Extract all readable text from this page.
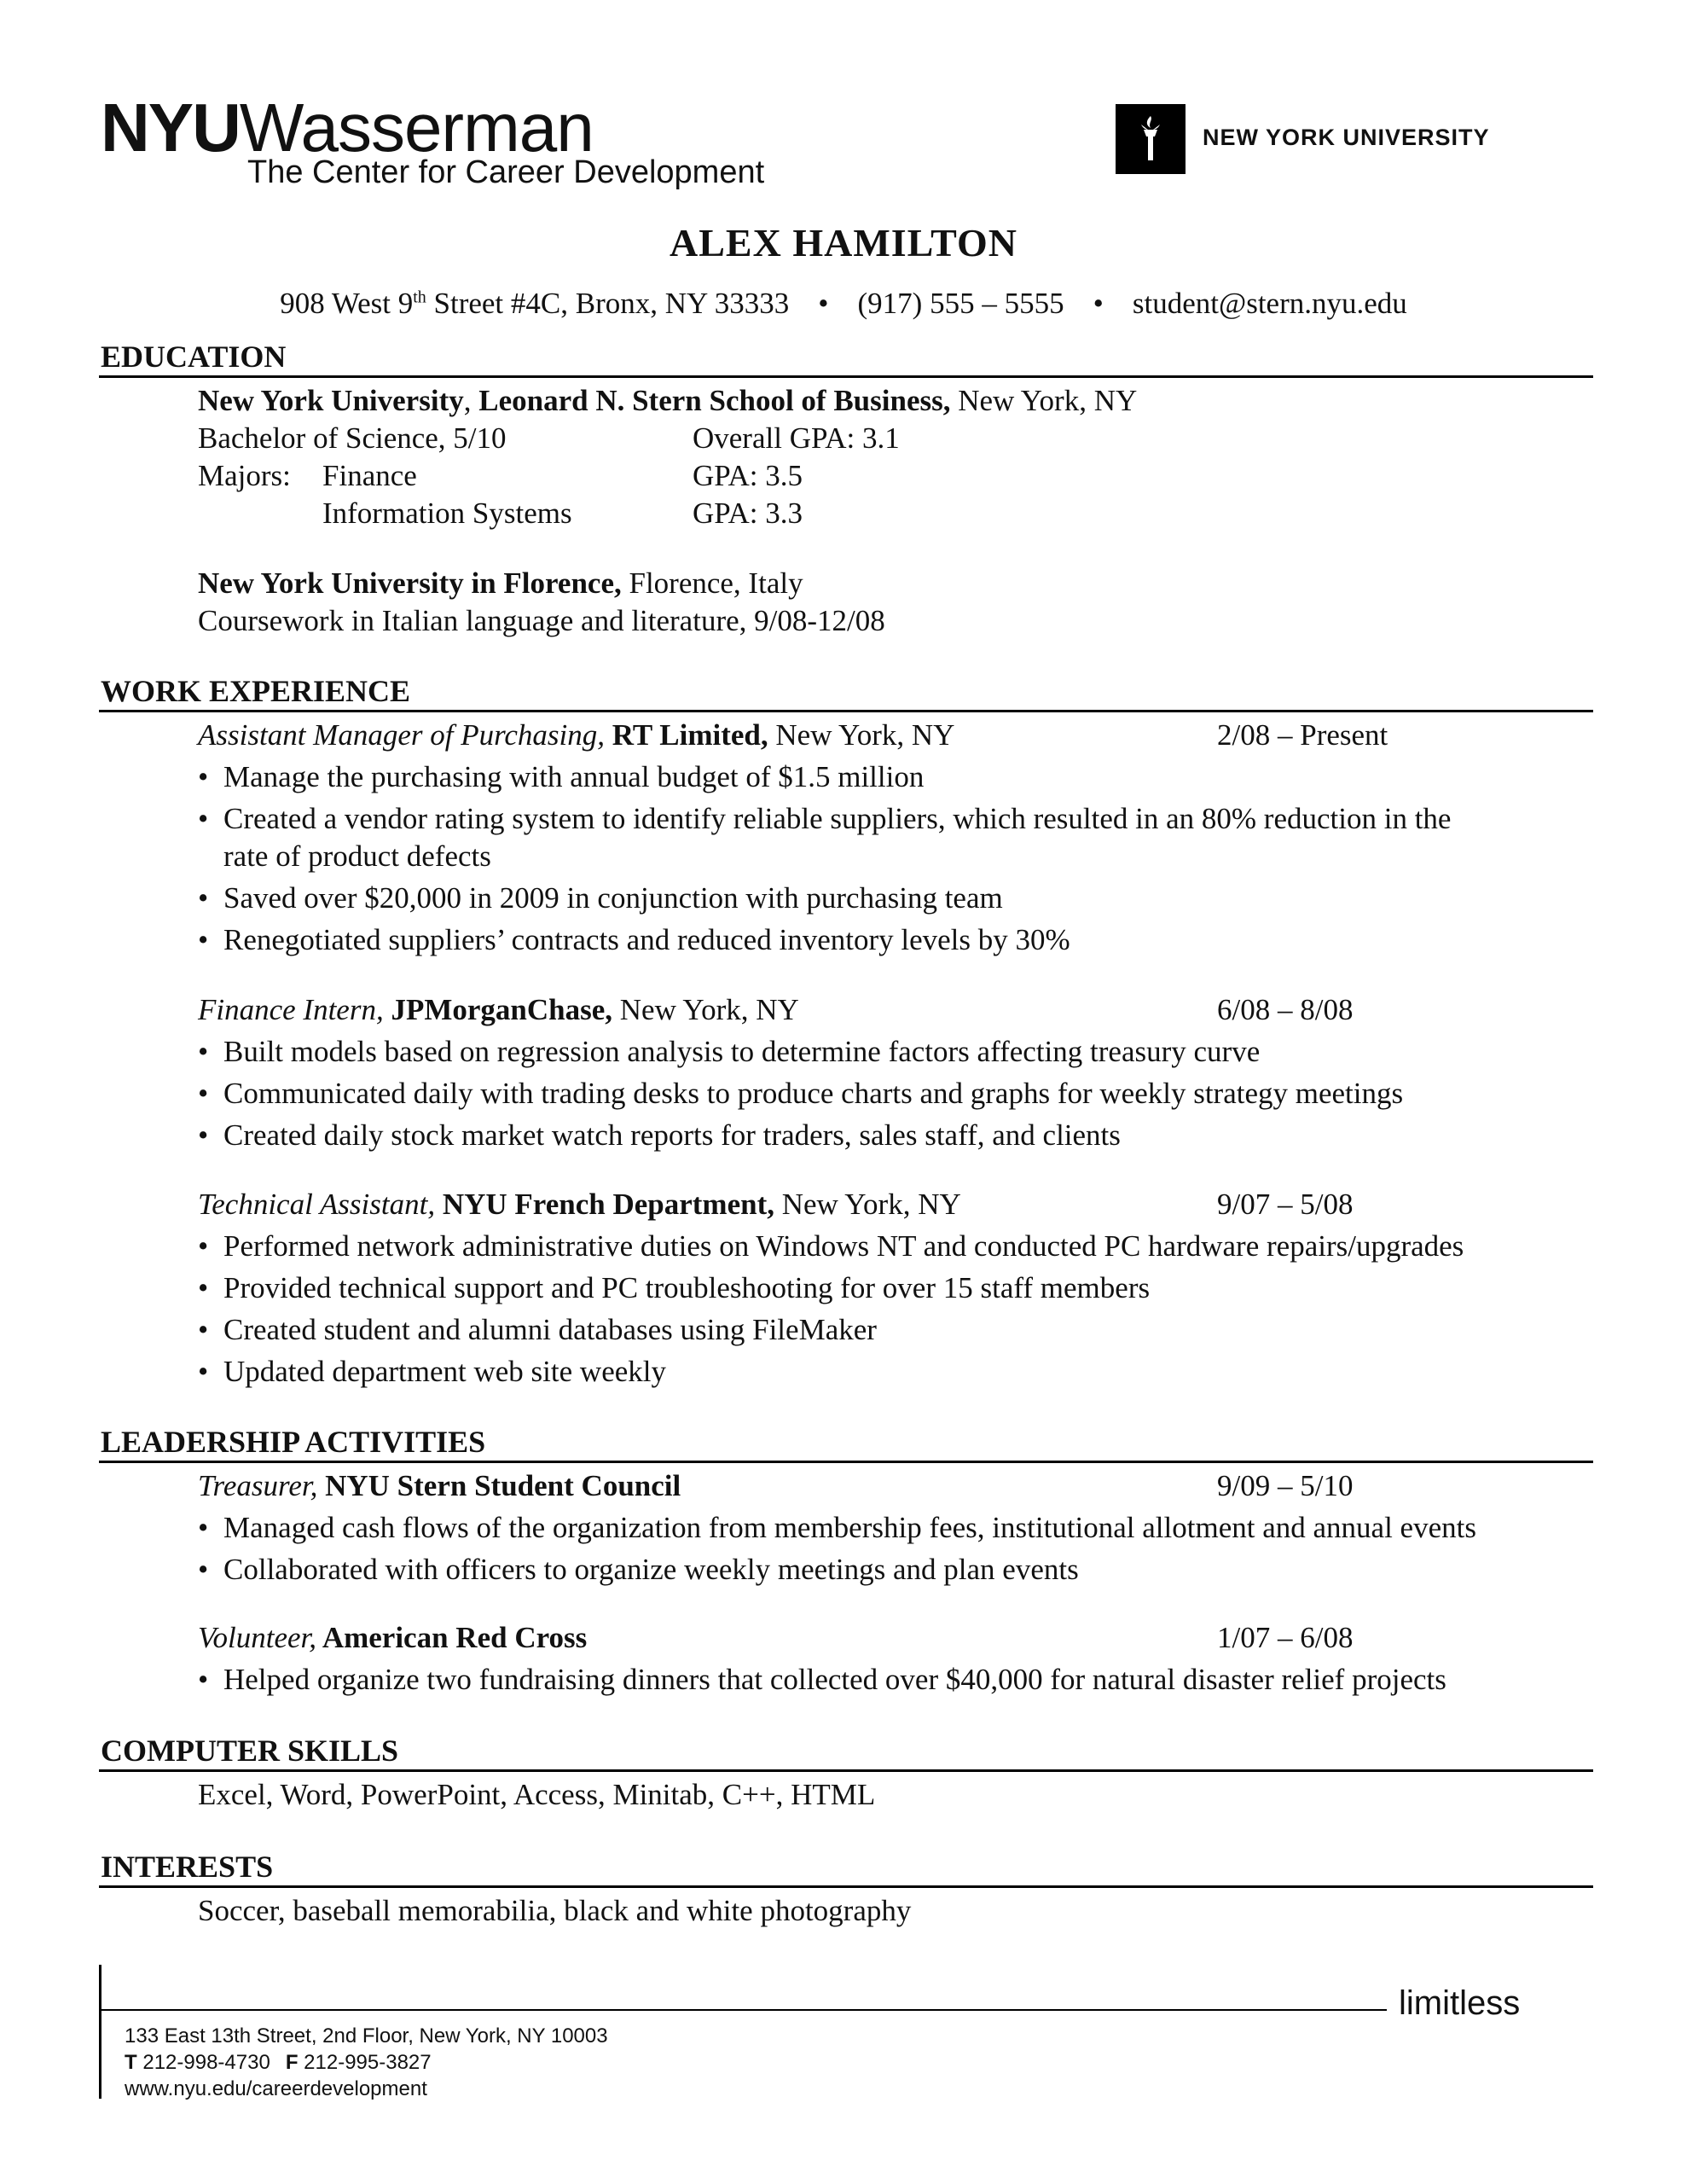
NYUWasserman
The Center for Career Development
NEW YORK UNIVERSITY
ALEX HAMILTON
908 West 9th Street #4C, Bronx, NY 33333 • (917) 555 – 5555 • student@stern.nyu.edu
EDUCATION
New York University, Leonard N. Stern School of Business, New York, NY
Bachelor of Science, 5/10	Overall GPA: 3.1
Majors: Finance	GPA: 3.5
Information Systems	GPA: 3.3
New York University in Florence, Florence, Italy
Coursework in Italian language and literature, 9/08-12/08
WORK EXPERIENCE
Assistant Manager of Purchasing, RT Limited, New York, NY	2/08 – Present
• Manage the purchasing with annual budget of $1.5 million
• Created a vendor rating system to identify reliable suppliers, which resulted in an 80% reduction in the
rate of product defects
• Saved over $20,000 in 2009 in conjunction with purchasing team
• Renegotiated suppliers’ contracts and reduced inventory levels by 30%
Finance Intern, JPMorganChase, New York, NY	6/08 – 8/08
• Built models based on regression analysis to determine factors affecting treasury curve
• Communicated daily with trading desks to produce charts and graphs for weekly strategy meetings
• Created daily stock market watch reports for traders, sales staff, and clients
Technical Assistant, NYU French Department, New York, NY	9/07 – 5/08
• Performed network administrative duties on Windows NT and conducted PC hardware repairs/upgrades
• Provided technical support and PC troubleshooting for over 15 staff members
• Created student and alumni databases using FileMaker
• Updated department web site weekly
LEADERSHIP ACTIVITIES
Treasurer, NYU Stern Student Council	9/09 – 5/10
• Managed cash flows of the organization from membership fees, institutional allotment and annual events
• Collaborated with officers to organize weekly meetings and plan events
Volunteer, American Red Cross	1/07 – 6/08
• Helped organize two fundraising dinners that collected over $40,000 for natural disaster relief projects
COMPUTER SKILLS
Excel, Word, PowerPoint, Access, Minitab, C++, HTML
INTERESTS
Soccer, baseball memorabilia, black and white photography
limitless
133 East 13th Street, 2nd Floor, New York, NY 10003
T 212-998-4730 F 212-995-3827
www.nyu.edu/careerdevelopment
